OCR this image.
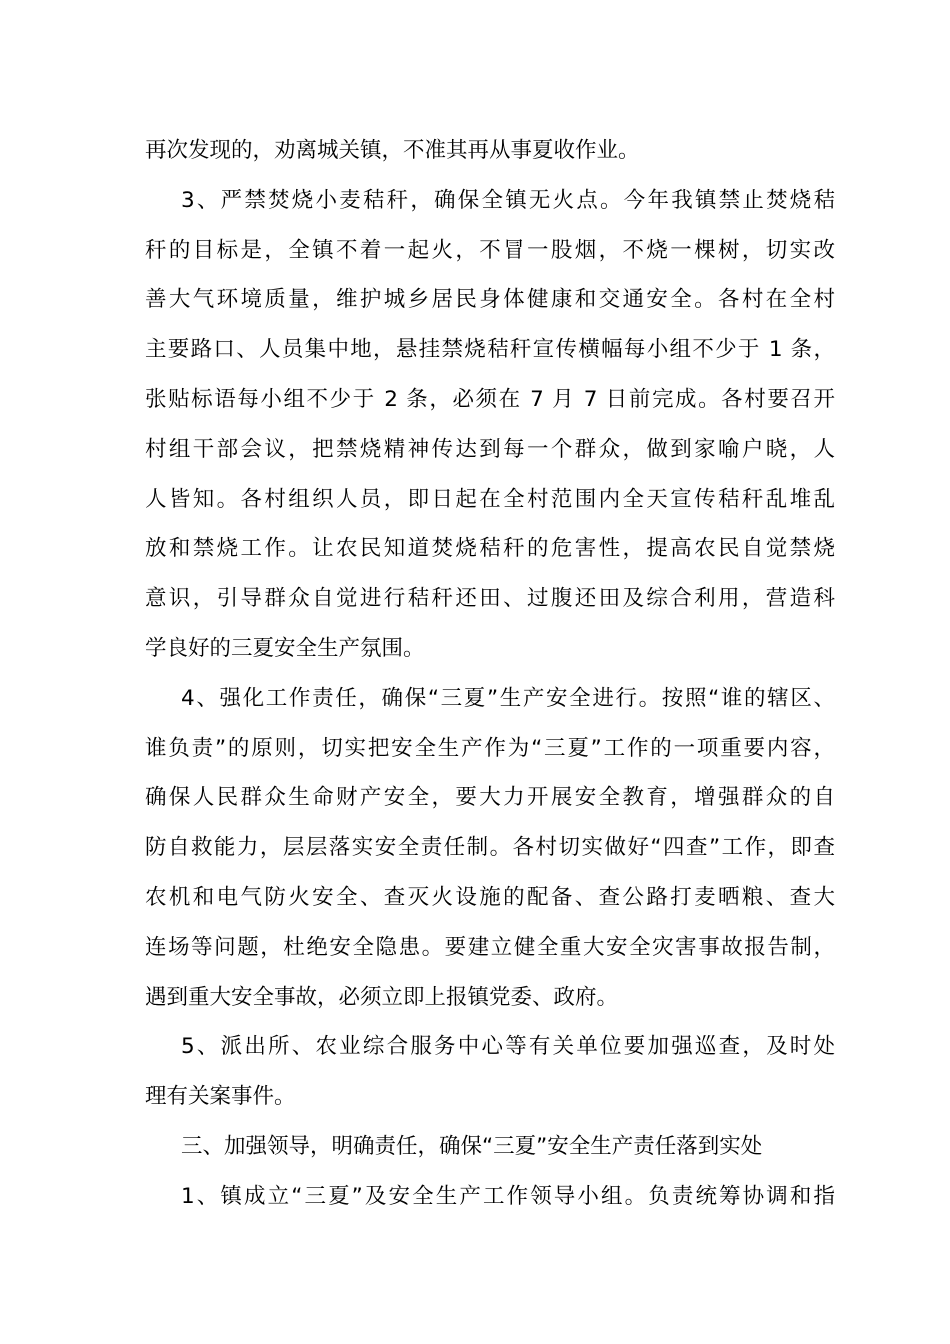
再次发现的，劝离城关镇，不准其再从事夏收作业。
3、严禁焚烧小麦秸秆，确保全镇无火点。今年我镇禁止焚烧秸
秆的目标是，全镇不着一起火，不冒一股烟，不烧一棵树，切实改
善大气环境质量，维护城乡居民身体健康和交通安全。各村在全村
主要路口、人员集中地，悬挂禁烧秸秆宣传横幅每小组不少于 1 条，
张贴标语每小组不少于 2 条，必须在 7 月 7 日前完成。各村要召开
村组干部会议，把禁烧精神传达到每一个群众，做到家喻户晓，人
人皆知。各村组织人员，即日起在全村范围内全天宣传秸秆乱堆乱
放和禁烧工作。让农民知道焚烧秸秆的危害性，提高农民自觉禁烧
意识，引导群众自觉进行秸秆还田、过腹还田及综合利用，营造科
学良好的三夏安全生产氛围。
4、强化工作责任，确保“三夏”生产安全进行。按照“谁的辖区、
谁负责”的原则，切实把安全生产作为“三夏”工作的一项重要内容，
确保人民群众生命财产安全，要大力开展安全教育，增强群众的自
防自救能力，层层落实安全责任制。各村切实做好“四查”工作，即查
农机和电气防火安全、查灭火设施的配备、查公路打麦晒粮、查大
连场等问题，杜绝安全隐患。要建立健全重大安全灾害事故报告制，
遇到重大安全事故，必须立即上报镇党委、政府。
5、派出所、农业综合服务中心等有关单位要加强巡查，及时处
理有关案事件。
三、加强领导，明确责任，确保“三夏”安全生产责任落到实处
1、镇成立“三夏”及安全生产工作领导小组。负责统筹协调和指
